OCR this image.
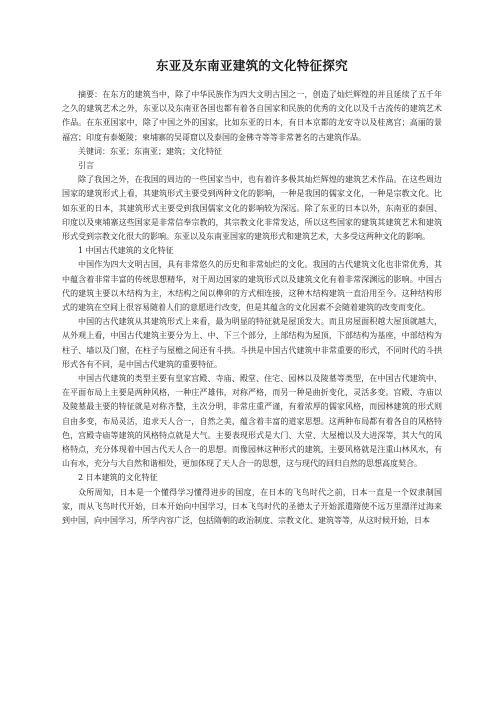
东亚及东南亚建筑的文化特征探究

摘要：在东方的建筑当中，除了中华民族作为四大文明古国之一，创造了灿烂辉煌的并且延续了五千年之久的建筑艺术之外，东亚以及东南亚各国也都有着各自国家和民族的优秀的文化以及千古流传的建筑艺术作品。在东亚国家中，除了中国之外的国家，比如东亚的日本，有日本京都的龙安寺以及桂离宫；高丽的景福宫；印度有泰姬陵；柬埔寨的吴哥窟以及泰国的金佛寺等等非常著名的古建筑作品。

关键词：东亚；东南亚；建筑；文化特征

引言

除了我国之外，在我国的周边的一些国家当中，也有着许多极其灿烂辉煌的建筑艺术作品。在这些周边国家的建筑形式上看，其建筑形式主要受到两种文化的影响，一种是我国的儒家文化，一种是宗教文化。比如东亚的日本，其建筑形式主要受到我国儒家文化的影响较为深远。除了东亚的日本以外，东南亚的泰国、印度以及柬埔寨这些国家是非常信奉宗教的，其宗教文化非常发达，所以这些国家的建筑其建筑艺术和建筑形式受到宗教文化很大的影响。东亚以及东南亚国家的建筑形式和建筑艺术，大多受这两种文化的影响。

1 中国古代建筑的文化特征

中国作为四大文明古国，具有非常悠久的历史和非常灿烂的文化。我国的古代建筑文化也非常优秀，其中蕴含着非常丰富的传统思想精华，对于周边国家的建筑形式以及建筑文化有着非常深渊远的影响。中国古代的建筑主要以木结构为主，木结构之间以榫卯的方式相连接，这种木结构建筑一直沿用至今。这种结构形式的建筑在空间上很容易随着人们的意愿进行改变，但是其蕴含的文化因素不会随着建筑的改变而变化。

中国的古代建筑从其建筑形式上来看，最为明显的特征就是屋顶发大。而且房屋面积越大屋顶就越大，从外观上看，中国古代建筑主要分为上、中、下三个部分，上部结构为屋顶，下部结构为基座，中部结构为柱子、墙以及门窗，在柱子与屋檐之间还有斗拱。斗拱是中国古代建筑中非常重要的形式，不同时代的斗拱形式各有不同，是中国古代建筑的重要特征。

中国古代建筑的类型主要有皇家宫殿、寺庙、殿堂、住宅、园林以及陵墓等类型，在中国古代建筑中，在平面布局上主要是两种风格，一种庄严雄伟，对称严格，而另一种是曲折变化，灵活多变。宫殿、寺庙以及陵墓最主要的特征就是对称齐整，主次分明，非常庄重严谨，有着浓厚的儒家风格，而园林建筑的形式则自由多变，布局灵活，追求天人合一，自然之美，蕴含着丰富的道家思想。这两种布局都有着各自的风格特色，宫殿寺庙等建筑的风格特点就是大气。主要表现形式是大门、大堂、大屋檐以及大进深等，其大气的风格特点，充分体现着中国古代天人合一的思想。而像园林这种形式的建筑，主要风格就是注重山林风水，有山有水，充分与大自然和谐相处，更加体现了天人合一的思想，这与现代的回归自然的思想高度契合。

2 日本建筑的文化特征

众所周知，日本是一个懂得学习懂得进步的国度，在日本的飞鸟时代之前，日本一直是一个奴隶制国家，而从飞鸟时代开始，日本开始向中国学习，日本飞鸟时代的圣德太子开始派遣隋使不远万里漂洋过海来到中国，向中国学习，所学内容广泛，包括隋朝的政治制度、宗教文化、建筑等等，从这时候开始，日本
